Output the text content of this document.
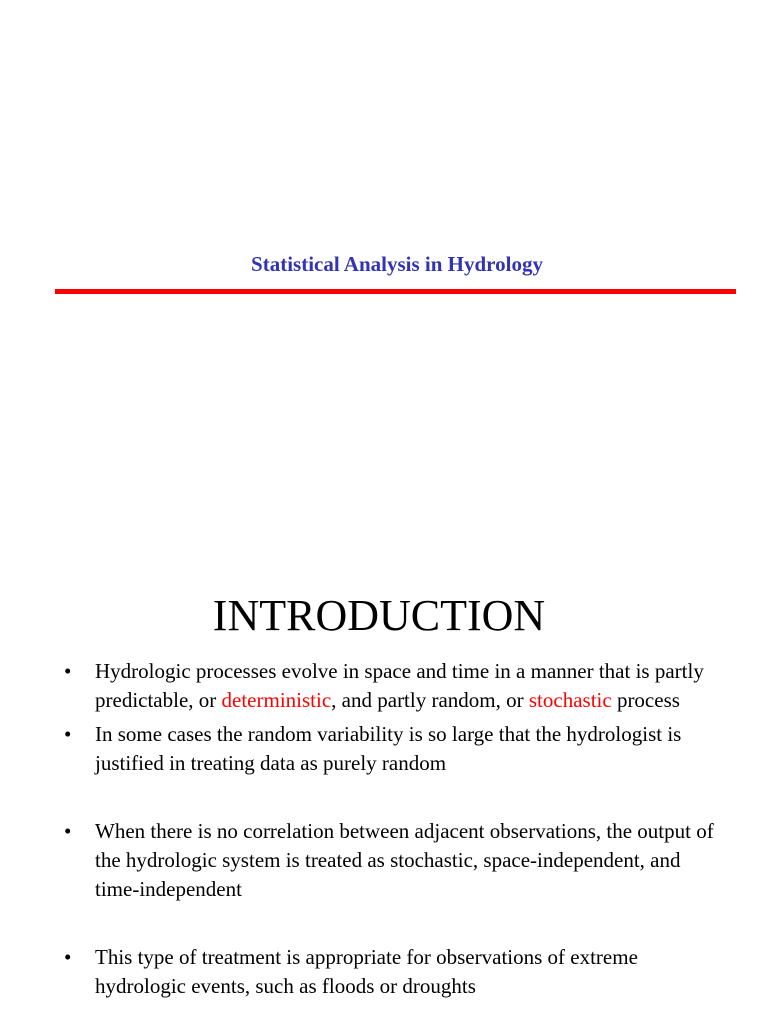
Statistical Analysis in Hydrology
INTRODUCTION
• Hydrologic processes evolve in space and time in a manner that is partly predictable, or deterministic, and partly random, or stochastic process
• In some cases the random variability is so large that the hydrologist is justified in treating data as purely random
• When there is no correlation between adjacent observations, the output of the hydrologic system is treated as stochastic, space-independent, and time-independent
• This type of treatment is appropriate for observations of extreme hydrologic events, such as floods or droughts
